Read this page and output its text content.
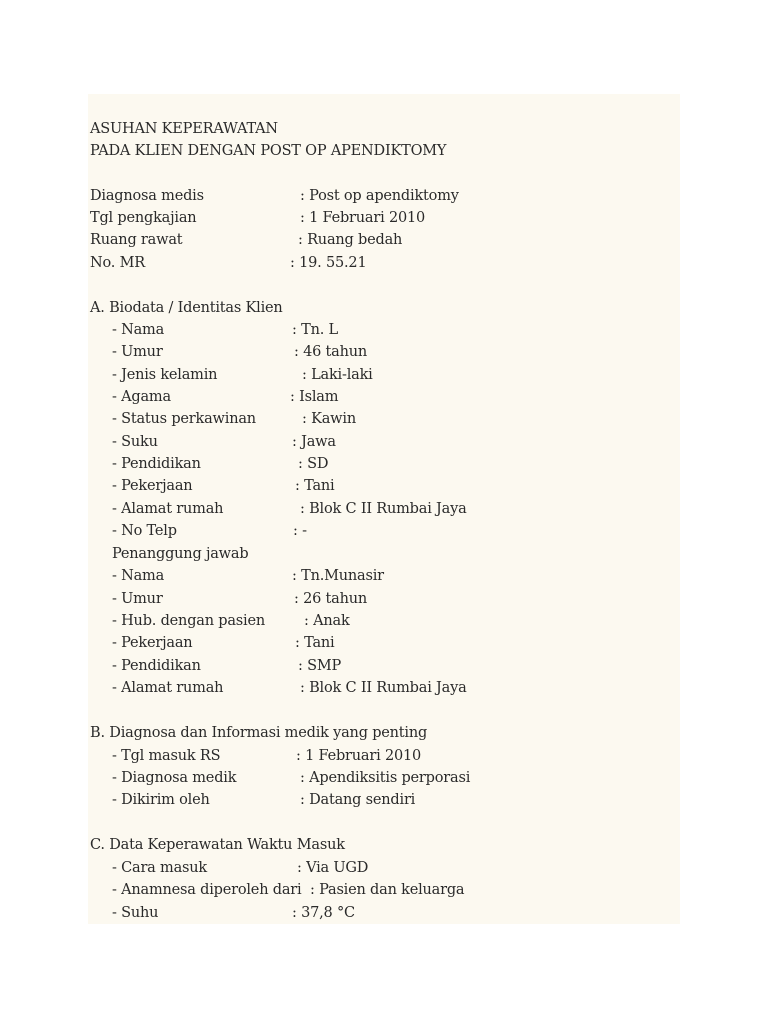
ASUHAN KEPERAWATAN
PADA KLIEN DENGAN POST OP APENDIKTOMY
Diagnosa medis	: Post op apendiktomy
Tgl pengkajian	: 1 Februari 2010
Ruang rawat	: Ruang bedah
No. MR	: 19. 55.21
A. Biodata / Identitas Klien
- Nama	: Tn. L
- Umur	: 46 tahun
- Jenis kelamin	: Laki-laki
- Agama	: Islam
- Status perkawinan	: Kawin
- Suku	: Jawa
- Pendidikan	: SD
- Pekerjaan	: Tani
- Alamat rumah	: Blok C II Rumbai Jaya
- No Telp	: -
Penanggung jawab
- Nama	: Tn.Munasir
- Umur	: 26 tahun
- Hub. dengan pasien	: Anak
- Pekerjaan	: Tani
- Pendidikan	: SMP
- Alamat rumah	: Blok C II Rumbai Jaya
B. Diagnosa dan Informasi medik yang penting
- Tgl masuk RS	: 1 Februari 2010
- Diagnosa medik	: Apendiksitis perporasi
- Dikirim oleh	: Datang sendiri
C. Data Keperawatan Waktu Masuk
- Cara masuk	: Via UGD
- Anamnesa diperoleh dari : Pasien dan keluarga
- Suhu	: 37,8 °C
